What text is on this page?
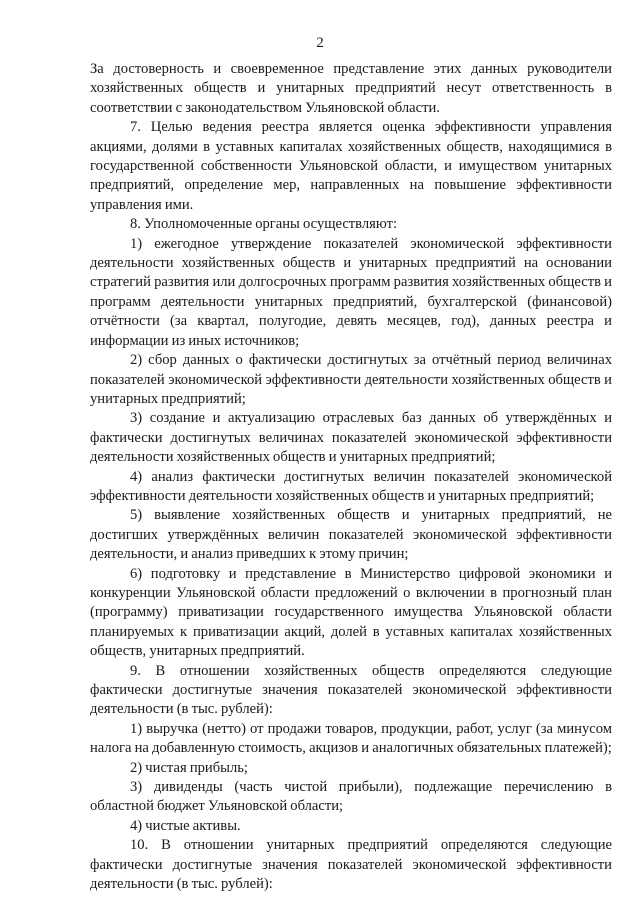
2

За достоверность и своевременное представление этих данных руководители хозяйственных обществ и унитарных предприятий несут ответственность в соответствии с законодательством Ульяновской области.

7. Целью ведения реестра является оценка эффективности управления акциями, долями в уставных капиталах хозяйственных обществ, находящимися в государственной собственности Ульяновской области, и имуществом унитарных предприятий, определение мер, направленных на повышение эффективности управления ими.

8. Уполномоченные органы осуществляют:

1) ежегодное утверждение показателей экономической эффективности деятельности хозяйственных обществ и унитарных предприятий на основании стратегий развития или долгосрочных программ развития хозяйственных обществ и программ деятельности унитарных предприятий, бухгалтерской (финансовой) отчётности (за квартал, полугодие, девять месяцев, год), данных реестра и информации из иных источников;

2) сбор данных о фактически достигнутых за отчётный период величинах показателей экономической эффективности деятельности хозяйственных обществ и унитарных предприятий;

3) создание и актуализацию отраслевых баз данных об утверждённых и фактически достигнутых величинах показателей экономической эффективности деятельности хозяйственных обществ и унитарных предприятий;

4) анализ фактически достигнутых величин показателей экономической эффективности деятельности хозяйственных обществ и унитарных предприятий;

5) выявление хозяйственных обществ и унитарных предприятий, не достигших утверждённых величин показателей экономической эффективности деятельности, и анализ приведших к этому причин;

6) подготовку и представление в Министерство цифровой экономики и конкуренции Ульяновской области предложений о включении в прогнозный план (программу) приватизации государственного имущества Ульяновской области планируемых к приватизации акций, долей в уставных капиталах хозяйственных обществ, унитарных предприятий.

9. В отношении хозяйственных обществ определяются следующие фактически достигнутые значения показателей экономической эффективности деятельности (в тыс. рублей):

1) выручка (нетто) от продажи товаров, продукции, работ, услуг (за минусом налога на добавленную стоимость, акцизов и аналогичных обязательных платежей);

2) чистая прибыль;

3) дивиденды (часть чистой прибыли), подлежащие перечислению в областной бюджет Ульяновской области;

4) чистые активы.

10. В отношении унитарных предприятий определяются следующие фактически достигнутые значения показателей экономической эффективности деятельности (в тыс. рублей):
